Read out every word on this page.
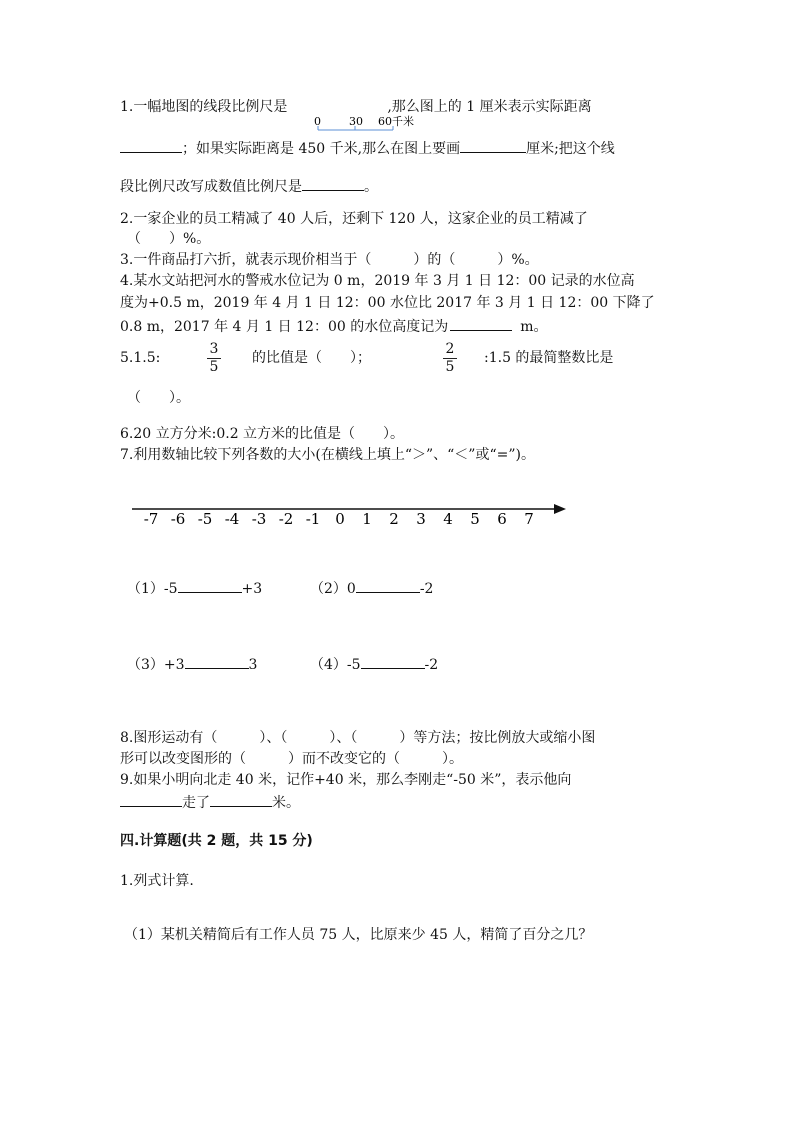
1.一幅地图的线段比例尺是	,那么图上的 1 厘米表示实际距离
0	30 60千米
；如果实际距离是 450 千米,那么在图上要画	厘米;把这个线
段比例尺改写成数值比例尺是	。
2.一家企业的员工精减了 40 人后，还剩下 120 人，这家企业的员工精减了
（　　）%。
3.一件商品打六折，就表示现价相当于（　　　）的（　　　）%。
4.某水文站把河水的警戒水位记为 0 m，2019 年 3 月 1 日 12：00 记录的水位高
度为+0.5 m，2019 年 4 月 1 日 12：00 水位比 2017 年 3 月 1 日 12：00 下降了
0.8 m，2017 年 4 月 1 日 12：00 的水位高度记为	m。
5.1.5:
3
5
的比值是（　　）；
2
5
:1.5 的最简整数比是
（　　）。
6.20 立方分米:0.2 立方米的比值是（　　）。
7.利用数轴比较下列各数的大小(在横线上填上“＞”、“＜”或“=”)。
-7 -6 -5 -4 -3 -2 -1 0 1 2 3 4 5 6 7
（1）-5	+3	（2）0	-2
（3）+3	3	（4）-5	-2
8.图形运动有（　　　）、（　　　）、（　　　）等方法；按比例放大或缩小图
形可以改变图形的（　　　）而不改变它的（　　　）。
9.如果小明向北走 40 米，记作+40 米，那么李刚走“-50 米”，表示他向
走了	米。
四.计算题(共 2 题，共 15 分)
1.列式计算.
（1）某机关精简后有工作人员 75 人，比原来少 45 人，精简了百分之几？
